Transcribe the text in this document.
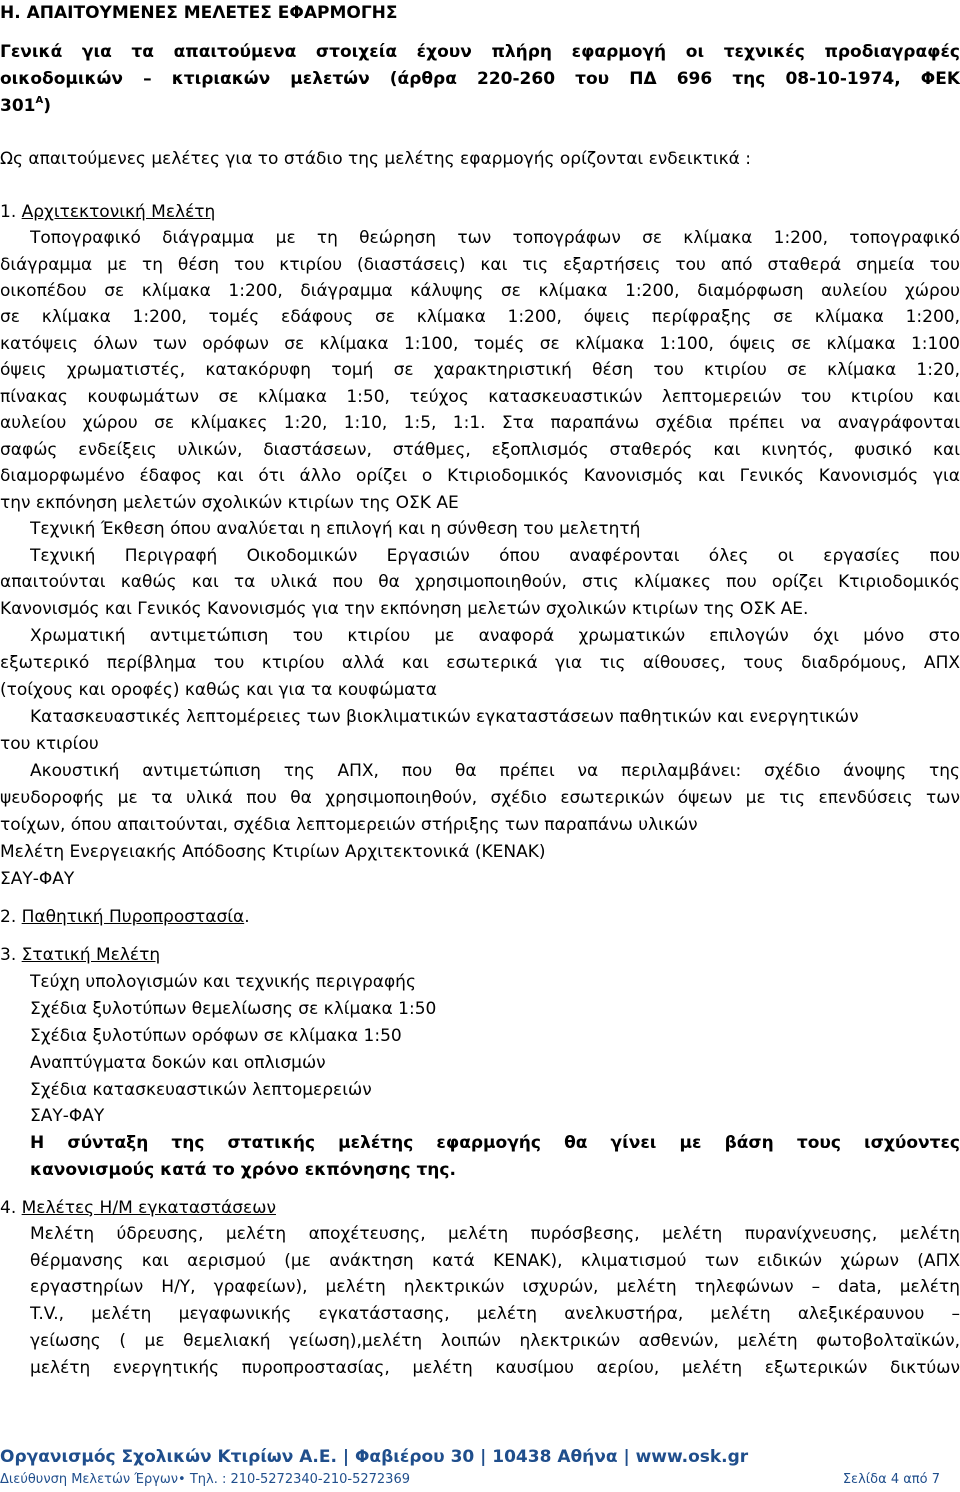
Η. ΑΠΑΙΤΟΥΜΕΝΕΣ ΜΕΛΕΤΕΣ ΕΦΑΡΜΟΓΗΣ
Γενικά για τα απαιτούμενα στοιχεία έχουν πλήρη εφαρμογή οι τεχνικές προδιαγραφές
οικοδομικών – κτιριακών μελετών (άρθρα 220-260 του ΠΔ 696 της 08-10-1974, ΦΕΚ
$301^A$)
Ως απαιτούμενες μελέτες για το στάδιο της μελέτης εφαρμογής ορίζονται ενδεικτικά :
1. Αρχιτεκτονική Μελέτη
Τοπογραφικό διάγραμμα με τη θεώρηση των τοπογράφων σε κλίμακα 1:200, τοπογραφικό
διάγραμμα με τη θέση του κτιρίου (διαστάσεις) και τις εξαρτήσεις του από σταθερά σημεία του
οικοπέδου σε κλίμακα 1:200, διάγραμμα κάλυψης σε κλίμακα 1:200, διαμόρφωση αυλείου χώρου
σε κλίμακα 1:200, τομές εδάφους σε κλίμακα 1:200, όψεις περίφραξης σε κλίμακα 1:200,
κατόψεις όλων των ορόφων σε κλίμακα 1:100, τομές σε κλίμακα 1:100, όψεις σε κλίμακα 1:100
όψεις χρωματιστές, κατακόρυφη τομή σε χαρακτηριστική θέση του κτιρίου σε κλίμακα 1:20,
πίνακας κουφωμάτων σε κλίμακα 1:50, τεύχος κατασκευαστικών λεπτομερειών του κτιρίου και
αυλείου χώρου σε κλίμακες 1:20, 1:10, 1:5, 1:1. Στα παραπάνω σχέδια πρέπει να αναγράφονται
σαφώς ενδείξεις υλικών, διαστάσεων, στάθμες, εξοπλισμός σταθερός και κινητός, φυσικό και
διαμορφωμένο έδαφος και ότι άλλο ορίζει ο Κτιριοδομικός Κανονισμός και Γενικός Κανονισμός για
την εκπόνηση μελετών σχολικών κτιρίων της ΟΣΚ ΑΕ
Τεχνική Έκθεση όπου αναλύεται η επιλογή και η σύνθεση του μελετητή
Τεχνική Περιγραφή Οικοδομικών Εργασιών όπου αναφέρονται όλες οι εργασίες που
απαιτούνται καθώς και τα υλικά που θα χρησιμοποιηθούν, στις κλίμακες που ορίζει Κτιριοδομικός
Κανονισμός και Γενικός Κανονισμός για την εκπόνηση μελετών σχολικών κτιρίων της ΟΣΚ ΑΕ.
Χρωματική αντιμετώπιση του κτιρίου με αναφορά χρωματικών επιλογών όχι μόνο στο
εξωτερικό περίβλημα του κτιρίου αλλά και εσωτερικά για τις αίθουσες, τους διαδρόμους, ΑΠΧ
(τοίχους και οροφές) καθώς και για τα κουφώματα
Κατασκευαστικές λεπτομέρειες των βιοκλιματικών εγκαταστάσεων παθητικών και ενεργητικών
του κτιρίου
Ακουστική αντιμετώπιση της ΑΠΧ, που θα πρέπει να περιλαμβάνει: σχέδιο άνοψης της
ψευδοροφής με τα υλικά που θα χρησιμοποιηθούν, σχέδιο εσωτερικών όψεων με τις επενδύσεις των
τοίχων, όπου απαιτούνται, σχέδια λεπτομερειών στήριξης των παραπάνω υλικών
Μελέτη Ενεργειακής Απόδοσης Κτιρίων Αρχιτεκτονικά (ΚΕΝΑΚ)
ΣΑΥ-ΦΑΥ
2. Παθητική Πυροπροστασία.
3. Στατική Μελέτη
Τεύχη υπολογισμών και τεχνικής περιγραφής
Σχέδια ξυλοτύπων θεμελίωσης σε κλίμακα 1:50
Σχέδια ξυλοτύπων ορόφων σε κλίμακα 1:50
Αναπτύγματα δοκών και οπλισμών
Σχέδια κατασκευαστικών λεπτομερειών
ΣΑΥ-ΦΑΥ
Η σύνταξη της στατικής μελέτης εφαρμογής θα γίνει με βάση τους ισχύοντες
κανονισμούς κατά το χρόνο εκπόνησης της.
4. Μελέτες Η/Μ εγκαταστάσεων
Μελέτη ύδρευσης, μελέτη αποχέτευσης, μελέτη πυρόσβεσης, μελέτη πυρανίχνευσης, μελέτη
θέρμανσης και αερισμού (με ανάκτηση κατά ΚΕΝΑΚ), κλιματισμού των ειδικών χώρων (ΑΠΧ
εργαστηρίων Η/Υ, γραφείων), μελέτη ηλεκτρικών ισχυρών, μελέτη τηλεφώνων – data, μελέτη
T.V., μελέτη μεγαφωνικής εγκατάστασης, μελέτη ανελκυστήρα, μελέτη αλεξικέραυνου –
γείωσης ( με θεμελιακή γείωση),μελέτη λοιπών ηλεκτρικών ασθενών, μελέτη φωτοβολταϊκών,
μελέτη ενεργητικής πυροπροστασίας, μελέτη καυσίμου αερίου, μελέτη εξωτερικών δικτύων
Οργανισμός Σχολικών Κτιρίων Α.Ε. | Φαβιέρου 30 | 10438 Αθήνα | www.osk.gr
Διεύθυνση Μελετών Έργων• Τηλ. : 210-5272340-210-5272369	Σελίδα 4 από 7
